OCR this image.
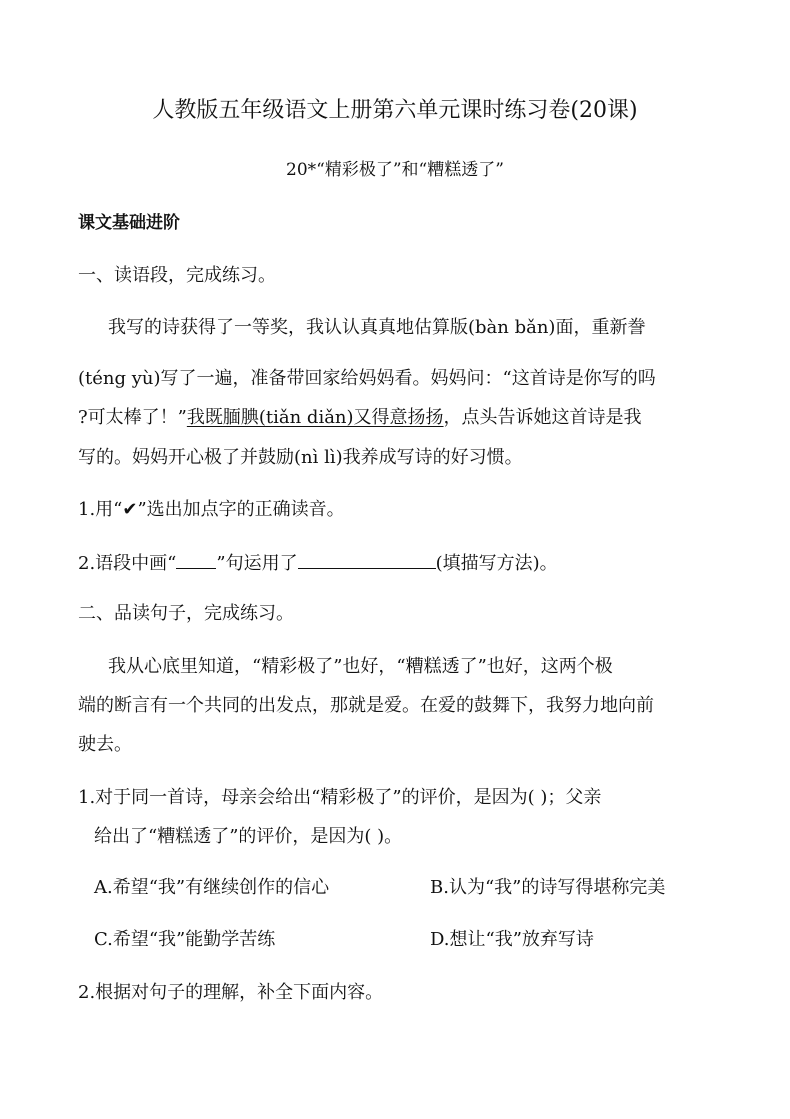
人教版五年级语文上册第六单元课时练习卷(20课)
20*“精彩极了”和“糟糕透了”
课文基础进阶
一、读语段，完成练习。
我写的诗获得了一等奖，我认认真真地估算版(bàn bǎn)面，重新誊
(téng yù)写了一遍，准备带回家给妈妈看。妈妈问：“这首诗是你写的吗
?可太棒了！”我既腼腆(tiǎn diǎn)又得意扬扬，点头告诉她这首诗是我
写的。妈妈开心极了并鼓励(nì lì)我养成写诗的好习惯。
1.用“✔”选出加点字的正确读音。
2.语段中画“ ”句运用了	(填描写方法)。
二、品读句子，完成练习。
我从心底里知道，“精彩极了”也好，“糟糕透了”也好，这两个极
端的断言有一个共同的出发点，那就是爱。在爱的鼓舞下，我努力地向前
驶去。
1.对于同一首诗，母亲会给出“精彩极了”的评价，是因为( )；父亲
给出了“糟糕透了”的评价，是因为( )。
A.希望“我”有继续创作的信心	B.认为“我”的诗写得堪称完美
C.希望“我”能勤学苦练	D.想让“我”放弃写诗
2.根据对句子的理解，补全下面内容。
